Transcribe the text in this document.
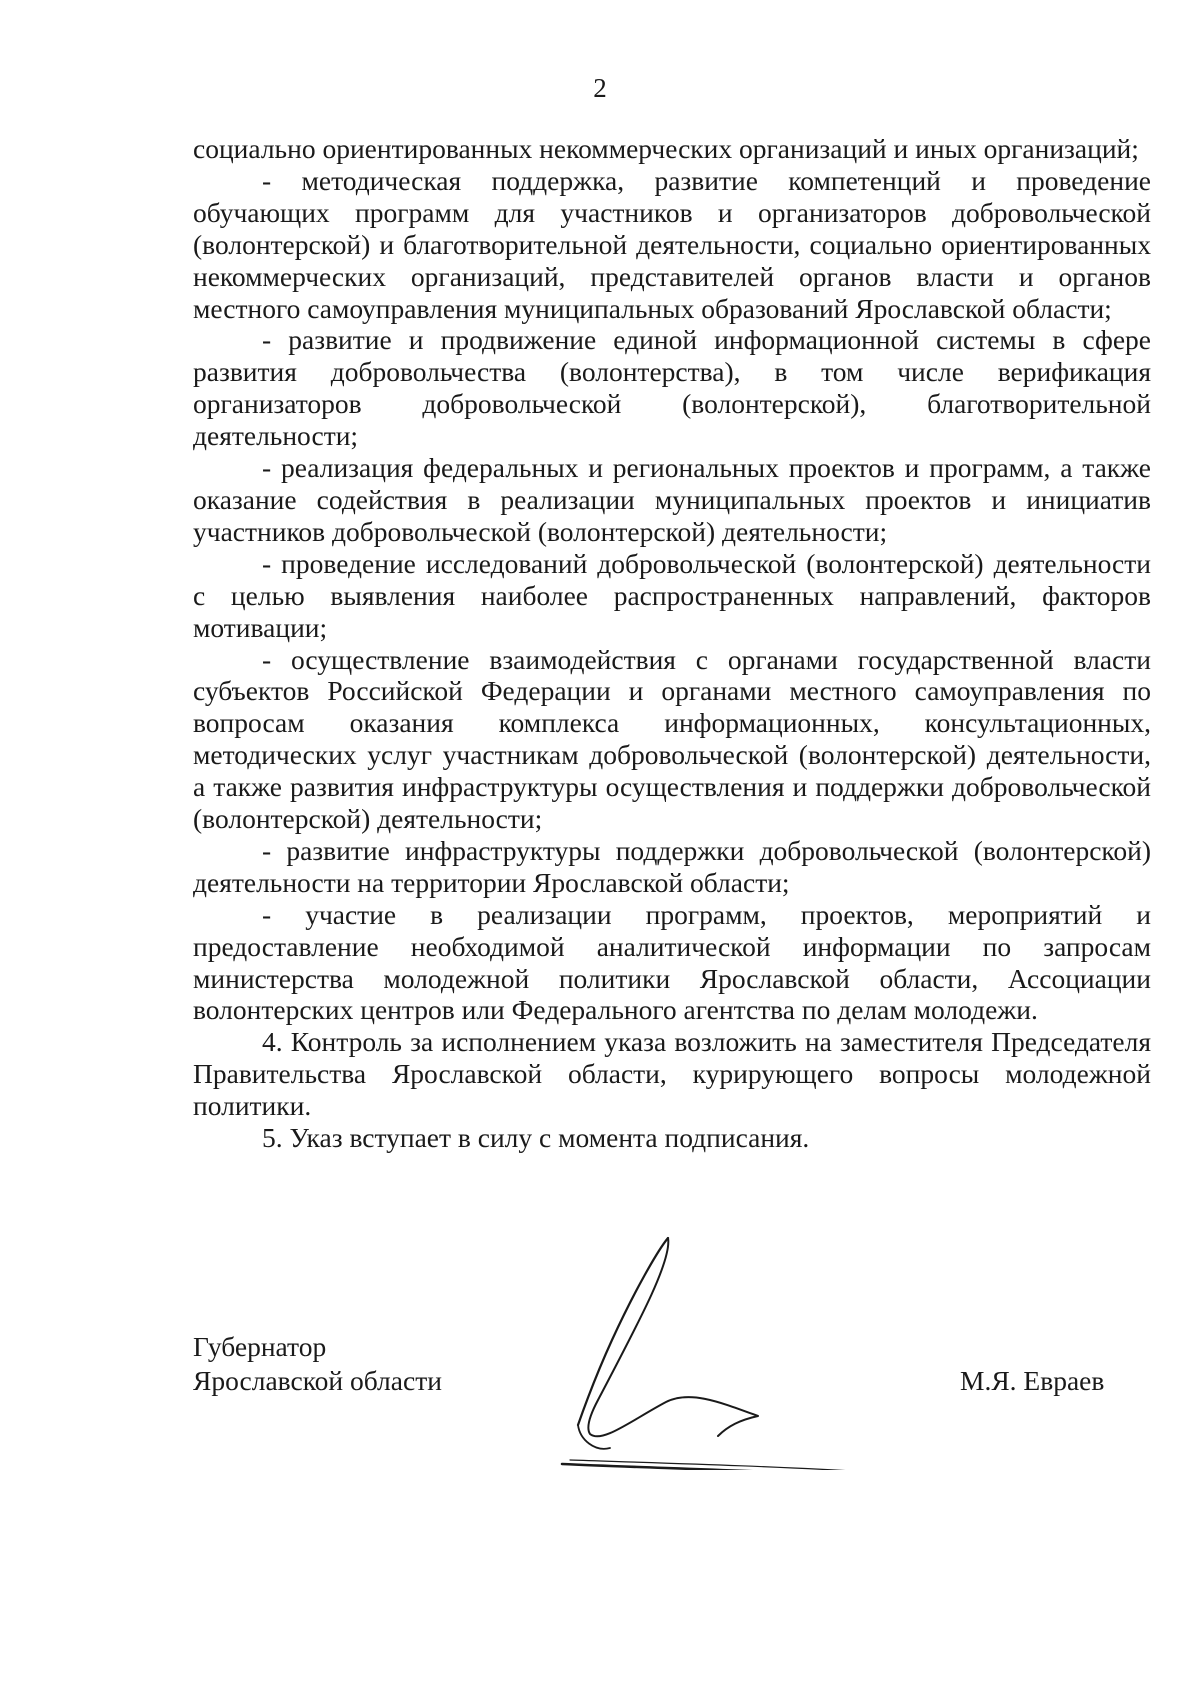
2

социально ориентированных некоммерческих организаций и иных организаций;

- методическая поддержка, развитие компетенций и проведение обучающих программ для участников и организаторов добровольческой (волонтерской) и благотворительной деятельности, социально ориентированных некоммерческих организаций, представителей органов власти и органов местного самоуправления муниципальных образований Ярославской области;

- развитие и продвижение единой информационной системы в сфере развития добровольчества (волонтерства), в том числе верификация организаторов добровольческой (волонтерской), благотворительной деятельности;

- реализация федеральных и региональных проектов и программ, а также оказание содействия в реализации муниципальных проектов и инициатив участников добровольческой (волонтерской) деятельности;

- проведение исследований добровольческой (волонтерской) деятельности с целью выявления наиболее распространенных направлений, факторов мотивации;

- осуществление взаимодействия с органами государственной власти субъектов Российской Федерации и органами местного самоуправления по вопросам оказания комплекса информационных, консультационных, методических услуг участникам добровольческой (волонтерской) деятельности, а также развития инфраструктуры осуществления и поддержки добровольческой (волонтерской) деятельности;

- развитие инфраструктуры поддержки добровольческой (волонтерской) деятельности на территории Ярославской области;

- участие в реализации программ, проектов, мероприятий и предоставление необходимой аналитической информации по запросам министерства молодежной политики Ярославской области, Ассоциации волонтерских центров или Федерального агентства по делам молодежи.

4. Контроль за исполнением указа возложить на заместителя Председателя Правительства Ярославской области, курирующего вопросы молодежной политики.

5. Указ вступает в силу с момента подписания.

Губернатор
Ярославской области	М.Я. Евраев
